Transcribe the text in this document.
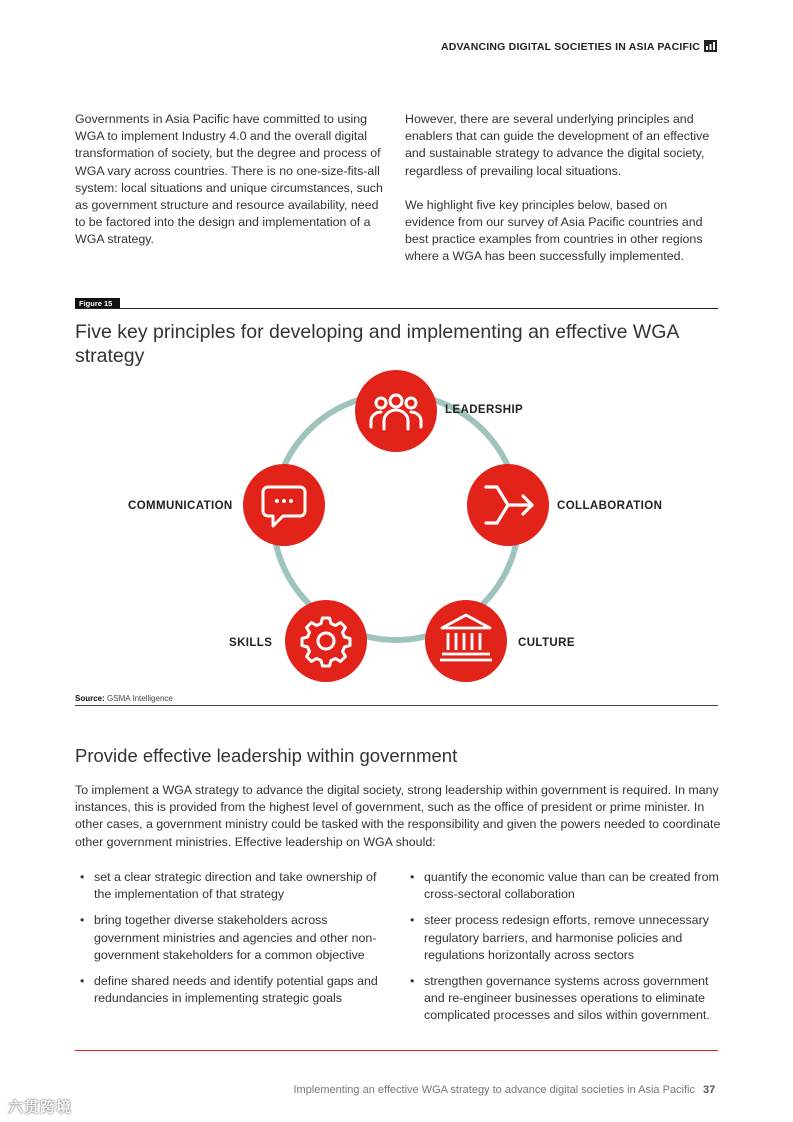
ADVANCING DIGITAL SOCIETIES IN ASIA PACIFIC
Governments in Asia Pacific have committed to using WGA to implement Industry 4.0 and the overall digital transformation of society, but the degree and process of WGA vary across countries. There is no one-size-fits-all system: local situations and unique circumstances, such as government structure and resource availability, need to be factored into the design and implementation of a WGA strategy.

However, there are several underlying principles and enablers that can guide the development of an effective and sustainable strategy to advance the digital society, regardless of prevailing local situations.

We highlight five key principles below, based on evidence from our survey of Asia Pacific countries and best practice examples from countries in other regions where a WGA has been successfully implemented.

Figure 15
Five key principles for developing and implementing an effective WGA strategy
LEADERSHIP
COLLABORATION
CULTURE
SKILLS
COMMUNICATION
Source: GSMA Intelligence
Provide effective leadership within government
To implement a WGA strategy to advance the digital society, strong leadership within government is required. In many instances, this is provided from the highest level of government, such as the office of president or prime minister. In other cases, a government ministry could be tasked with the responsibility and given the powers needed to coordinate other government ministries. Effective leadership on WGA should:
• set a clear strategic direction and take ownership of the implementation of that strategy
• bring together diverse stakeholders across government ministries and agencies and other non-government stakeholders for a common objective
• define shared needs and identify potential gaps and redundancies in implementing strategic goals
• quantify the economic value than can be created from cross-sectoral collaboration
• steer process redesign efforts, remove unnecessary regulatory barriers, and harmonise policies and regulations horizontally across sectors
• strengthen governance systems across government and re-engineer businesses operations to eliminate complicated processes and silos within government.
Implementing an effective WGA strategy to advance digital societies in Asia Pacific 37
六贯跨境
